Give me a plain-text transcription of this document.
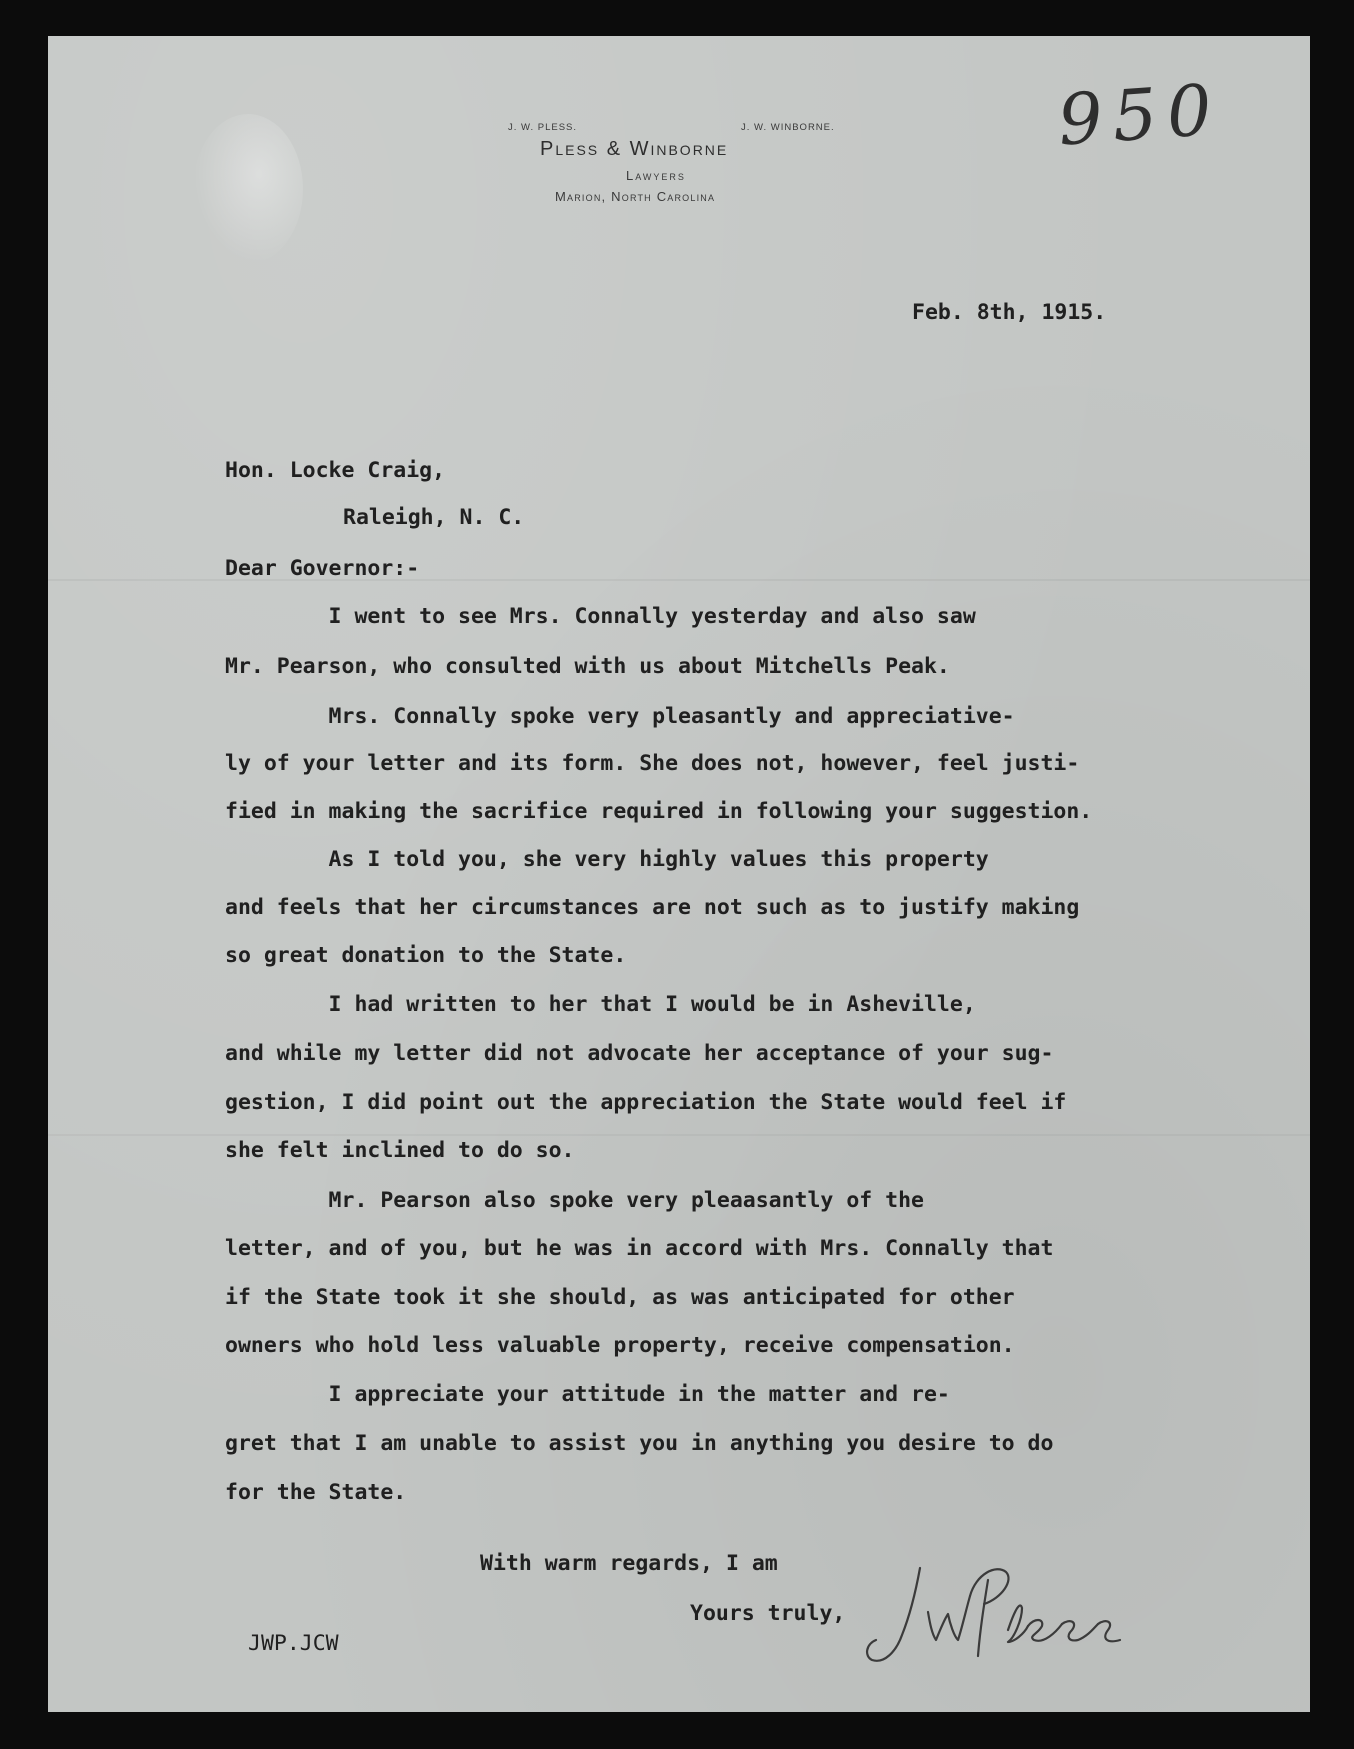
J. W. PLESS.	J. W. WINBORNE.
Pless & Winborne
Lawyers
Marion, North Carolina
950
Feb. 8th, 1915.
Hon. Locke Craig,
Raleigh, N. C.
Dear Governor:-
I went to see Mrs. Connally yesterday and also saw
Mr. Pearson, who consulted with us about Mitchells Peak.
Mrs. Connally spoke very pleasantly and appreciative-
ly of your letter and its form. She does not, however, feel justi-
fied in making the sacrifice required in following your suggestion.
As I told you, she very highly values this property
and feels that her circumstances are not such as to justify making
so great donation to the State.
I had written to her that I would be in Asheville,
and while my letter did not advocate her acceptance of your sug-
gestion, I did point out the appreciation the State would feel if
she felt inclined to do so.
Mr. Pearson also spoke very pleaasantly of the
letter, and of you, but he was in accord with Mrs. Connally that
if the State took it she should, as was anticipated for other
owners who hold less valuable property, receive compensation.
I appreciate your attitude in the matter and re-
gret that I am unable to assist you in anything you desire to do
for the State.
With warm regards, I am
Yours truly,
JWP.JCW
